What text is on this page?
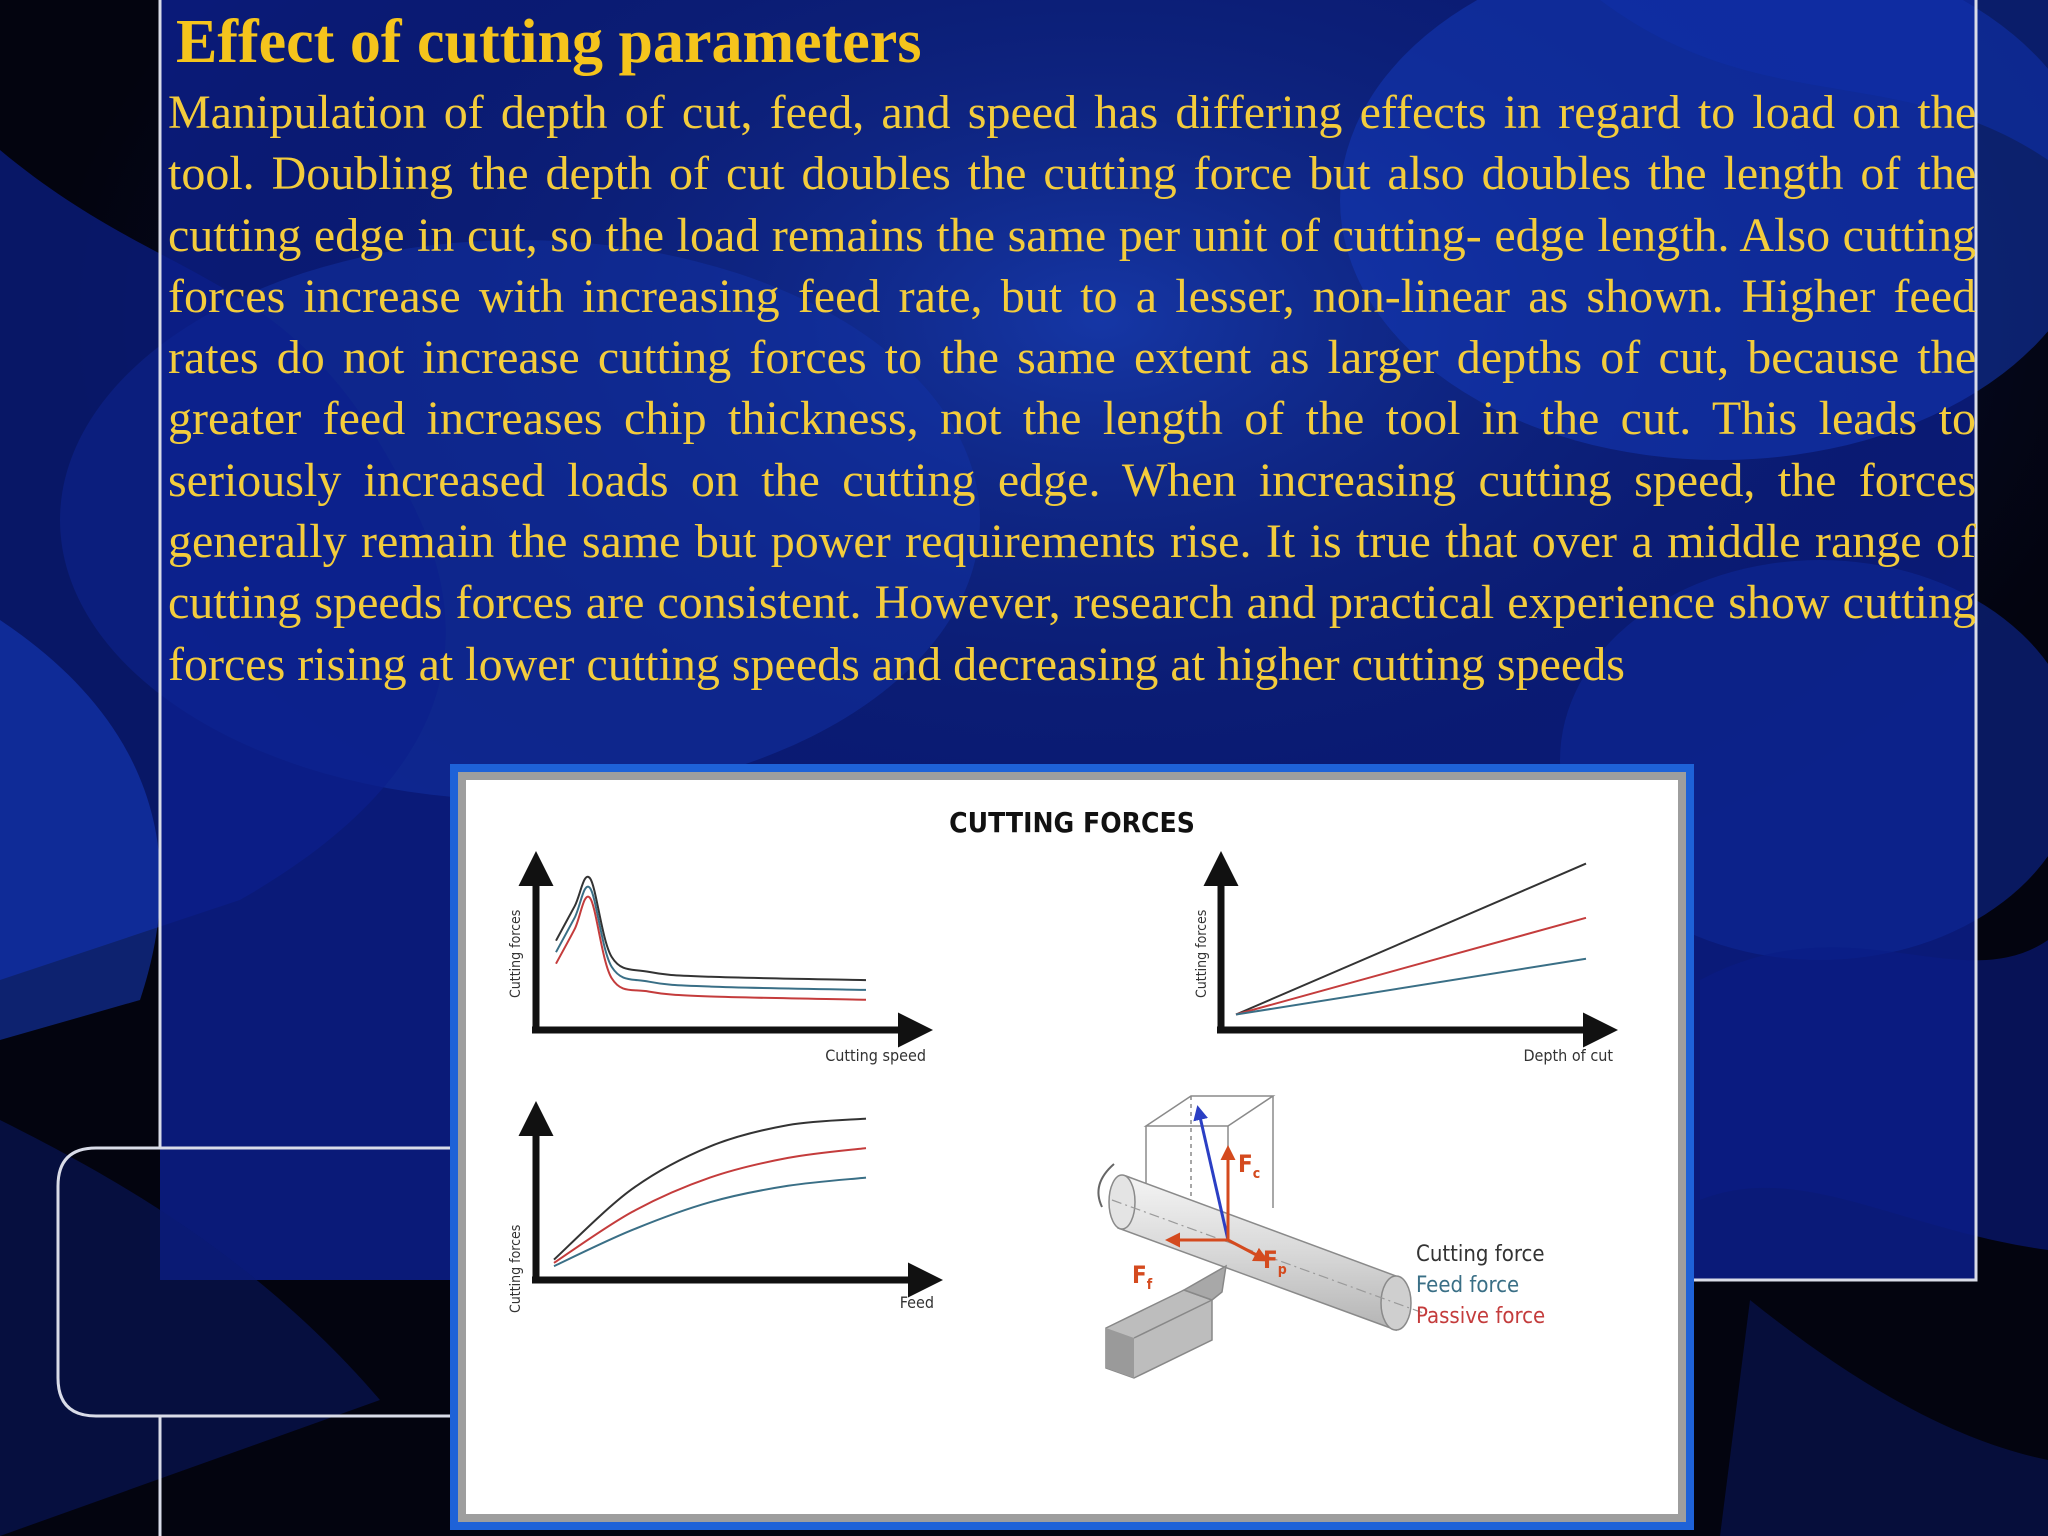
Effect of cutting parameters

Manipulation of depth of cut, feed, and speed has differing effects in regard to load on the tool. Doubling the depth of cut doubles the cutting force but also doubles the length of the cutting edge in cut, so the load remains the same per unit of cutting- edge length. Also cutting forces increase with increasing feed rate, but to a lesser, non-linear as shown. Higher feed rates do not increase cutting forces to the same extent as larger depths of cut, because the greater feed increases chip thickness, not the length of the tool in the cut. This leads to seriously increased loads on the cutting edge. When increasing cutting speed, the forces generally remain the same but power requirements rise. It is true that over a middle range of cutting speeds forces are consistent. However, research and practical experience show cutting forces rising at lower cutting speeds and decreasing at higher cutting speeds

CUTTING FORCES
Cutting forces
Cutting speed
Cutting forces
Depth of cut
Cutting forces	Feed
$F_c$
$F_f$
$F_p$
Cutting force
Feed force
Passive force
